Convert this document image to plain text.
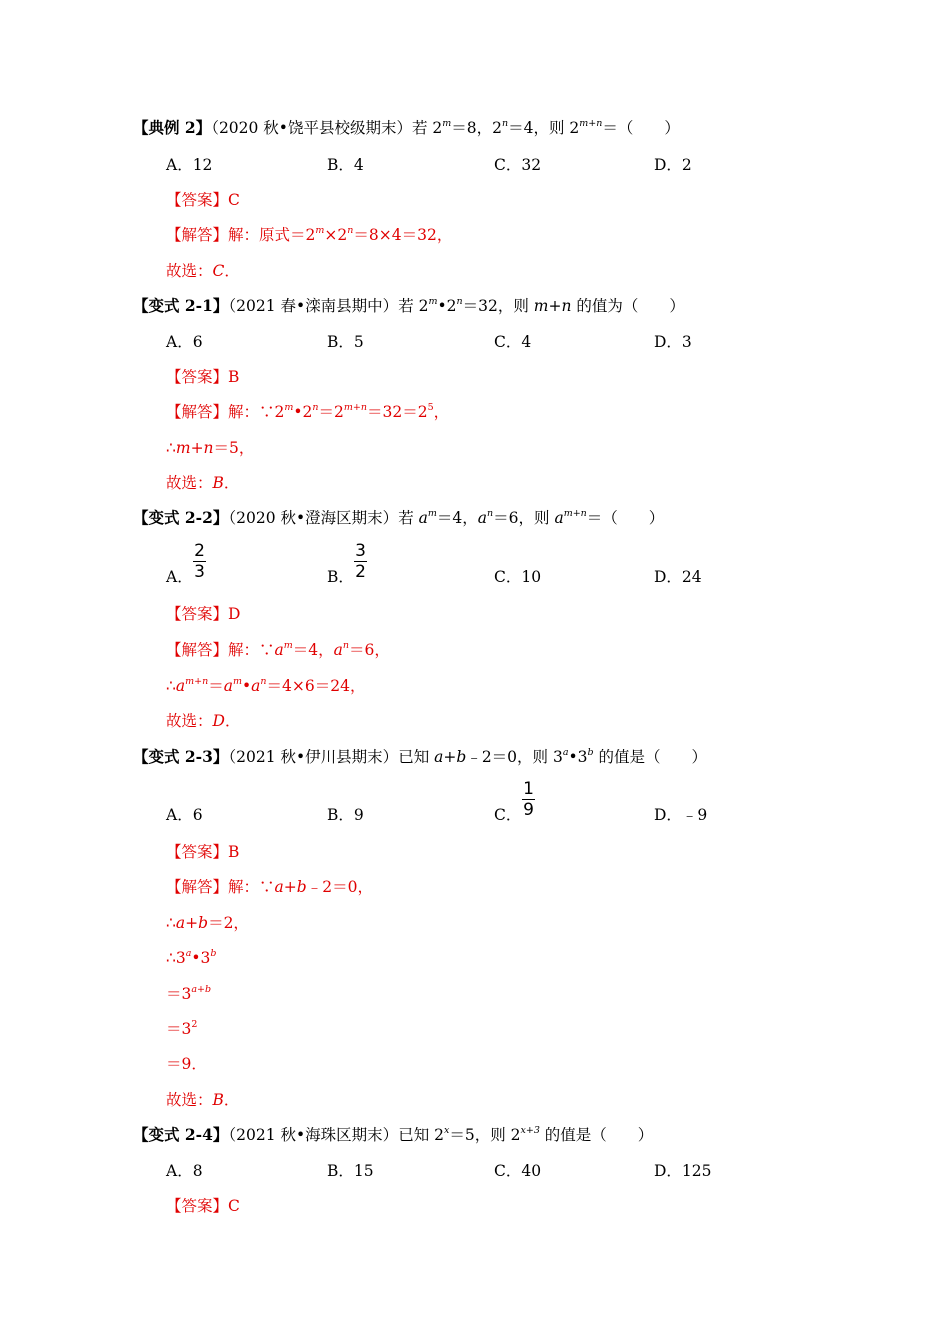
【典例 2】（2020 秋•饶平县校级期末）若 $2^m=8$，$2^n=4$，则 $2^{m+n}=$（　　）
A．12	B．4	C．32	D．2
【答案】C
【解答】解：原式$=2^m\times 2^n=8\times 4=32$，
故选：C．
【变式 2-1】（2021 春•滦南县期中）若 $2^m•2^n=32$，则 m+n 的值为（　　）
A．6	B．5	C．4	D．3
【答案】B
【解答】解：$\because 2^m•2^n=2^{m+n}=32=2^5$，
∴m+n＝5，
故选：B．
【变式 2-2】（2020 秋•澄海区期末）若 $a^m=4$，$a^n=6$，则 $a^{m+n}=$（　　）
A．
2
3	B．
3
2	C．10	D．24
【答案】D
【解答】解：$\because a^m=4$，$a^n=6$，
$\therefore a^{m+n}=a^m•a^n=4\times 6=24$，
故选：D．
【变式 2-3】（2021 秋•伊川县期末）已知 a+b﹣2＝0，则 3$^a$•3$^b$ 的值是（　　）
A．6	B．9	C．
1
9	D．﹣9
【答案】B
【解答】解：∵a+b﹣2＝0，
∴a+b＝2，
$\therefore 3^a•3^b$
$=3^{a+b}$
$=3^2$
＝9．
故选：B．
【变式 2-4】（2021 秋•海珠区期末）已知 $2^x=5$，则 $2^{x+3}$ 的值是（　　）
A．8	B．15	C．40	D．125
【答案】C
